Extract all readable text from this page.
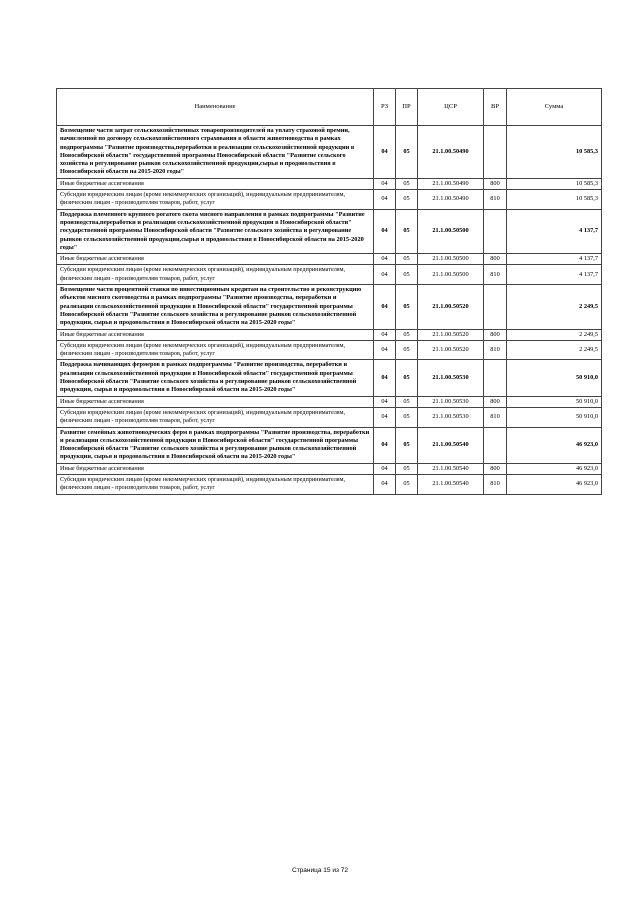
Наименование	РЗ	ПР	ЦСР	ВР	Сумма
Возмещение части затрат сельскохозяйственных товаропроизводителей на уплату страховой премии, начисленной по договору сельскохозяйственного страхования в области животноводства в рамках подпрограммы "Развитие производства,переработки и реализации сельскохозяйственной продукции в Новосибирской области" государственной программы Новосибирской области "Развитие сельского хозяйства и регулирование рынков сельскохозяйственной продукции,сырья и продовольствия в Новосибирской области на 2015-2020 годы"	04	05	21.1.00.50490		10 585,3
Иные бюджетные ассигнования	04	05	21.1.00.50490	800	10 585,3
Субсидии юридическим лицам (кроме некоммерческих организаций), индивидуальным предпринимателям, физическим лицам - производителям товаров, работ, услуг	04	05	21.1.00.50490	810	10 585,3
Поддержка племенного крупного рогатого скота мясного направления в рамках подпрограммы "Развитие производства,переработки и реализации сельскохозяйственной продукции в Новосибирской области" государственной программы Новосибирской области "Развитие сельского хозяйства и регулирование рынков сельскохозяйственной продукции,сырья и продовольствия в Новосибирской области на 2015-2020 годы"	04	05	21.1.00.50500		4 137,7
Иные бюджетные ассигнования	04	05	21.1.00.50500	800	4 137,7
Субсидии юридическим лицам (кроме некоммерческих организаций), индивидуальным предпринимателям, физическим лицам - производителям товаров, работ, услуг	04	05	21.1.00.50500	810	4 137,7
Возмещение части процентной ставки по инвестиционным кредитам на строительство и реконструкцию объектов мясного скотоводства в рамках подпрограммы "Развитие производства, переработки и реализации сельскохозяйственной продукции в Новосибирской области" государственной программы Новосибирской области "Развитие сельского хозяйства и регулирование рынков сельскохозяйственной продукции, сырья и продовольствия в Новосибирской области на 2015-2020 годы"	04	05	21.1.00.50520		2 249,5
Иные бюджетные ассигнования	04	05	21.1.00.50520	800	2 249,5
Субсидии юридическим лицам (кроме некоммерческих организаций), индивидуальным предпринимателям, физическим лицам - производителям товаров, работ, услуг	04	05	21.1.00.50520	810	2 249,5
Поддержка начинающих фермеров в рамках подпрограммы "Развитие производства, переработки и реализации сельскохозяйственной продукции в Новосибирской области" государственной программы Новосибирской области "Развитие сельского хозяйства и регулирование рынков сельскохозяйственной продукции, сырья и продовольствия в Новосибирской области на 2015-2020 годы"	04	05	21.1.00.50530		50 910,0
Иные бюджетные ассигнования	04	05	21.1.00.50530	800	50 910,0
Субсидии юридическим лицам (кроме некоммерческих организаций), индивидуальным предпринимателям, физическим лицам - производителям товаров, работ, услуг	04	05	21.1.00.50530	810	50 910,0
Развитие семейных животноводческих ферм в рамках подпрограммы "Развитие производства, переработки и реализации сельскохозяйственной продукции в Новосибирской области" государственной программы Новосибирской области "Развитие сельского хозяйства и регулирование рынков сельскохозяйственной продукции, сырья и продовольствия в Новосибирской области на 2015-2020 годы"	04	05	21.1.00.50540		46 923,0
Иные бюджетные ассигнования	04	05	21.1.00.50540	800	46 923,0
Субсидии юридическим лицам (кроме некоммерческих организаций), индивидуальным предпринимателям, физическим лицам - производителям товаров, работ, услуг	04	05	21.1.00.50540	810	46 923,0
Страница 15 из 72
